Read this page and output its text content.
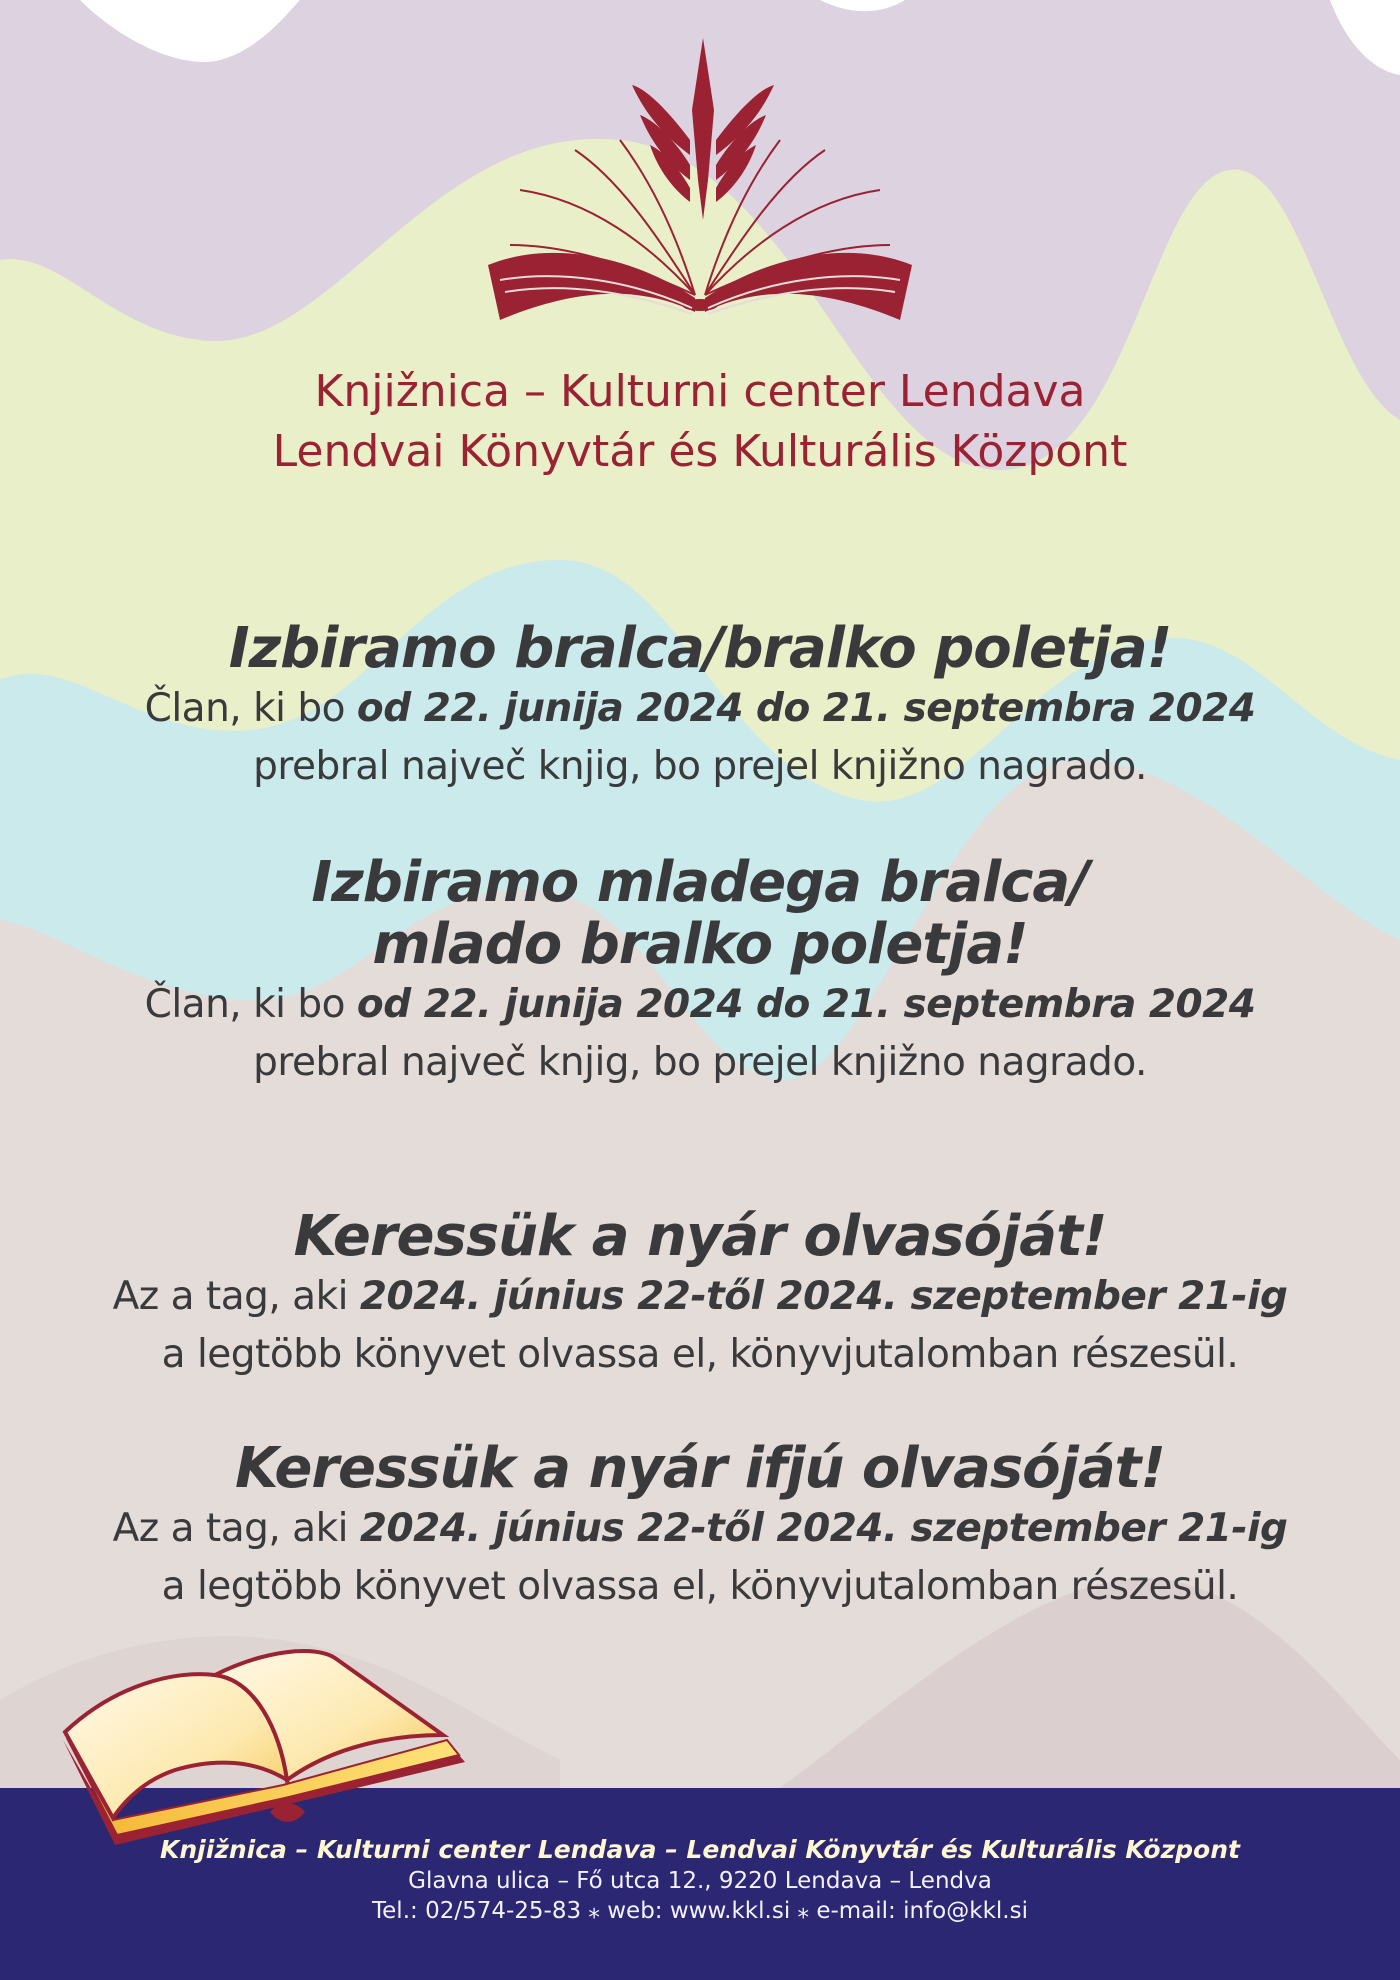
Knjižnica – Kulturni center Lendava
Lendvai Könyvtár és Kulturális Központ
Izbiramo bralca/bralko poletja!
Član, ki bo od 22. junija 2024 do 21. septembra 2024
prebral največ knjig, bo prejel knjižno nagrado.
Izbiramo mladega bralca/
mlado bralko poletja!
Član, ki bo od 22. junija 2024 do 21. septembra 2024
prebral največ knjig, bo prejel knjižno nagrado.
Keressük a nyár olvasóját!
Az a tag, aki 2024. június 22-től 2024. szeptember 21-ig
a legtöbb könyvet olvassa el, könyvjutalomban részesül.
Keressük a nyár ifjú olvasóját!
Az a tag, aki 2024. június 22-től 2024. szeptember 21-ig
a legtöbb könyvet olvassa el, könyvjutalomban részesül.
Knjižnica – Kulturni center Lendava – Lendvai Könyvtár és Kulturális Központ
Glavna ulica – Fő utca 12., 9220 Lendava – Lendva
Tel.: 02/574-25-83 ⁎ web: www.kkl.si ⁎ e-mail: info@kkl.si
